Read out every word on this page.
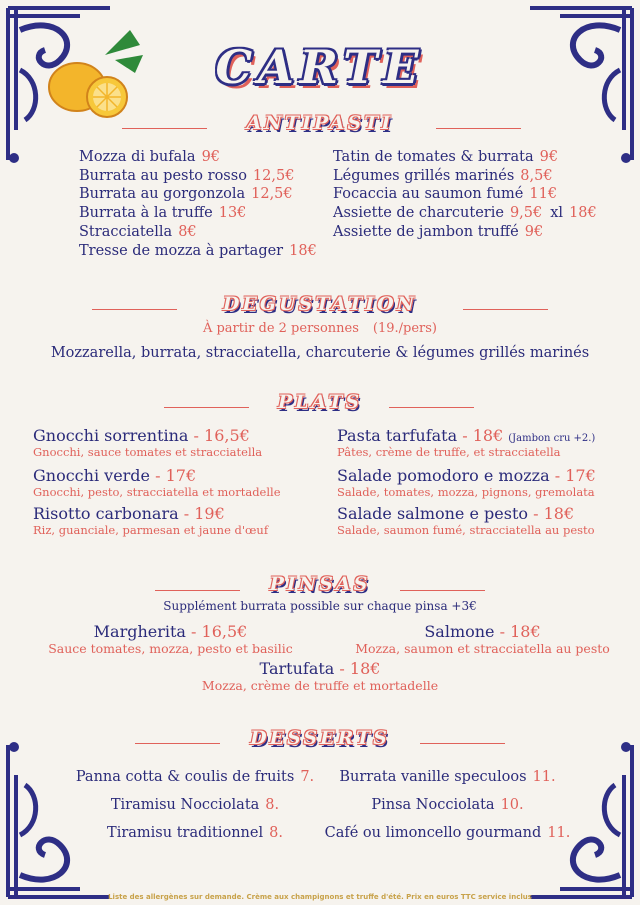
CARTE
ANTIPASTI
Mozza di bufala 9€
Burrata au pesto rosso 12,5€
Burrata au gorgonzola 12,5€
Burrata à la truffe 13€
Stracciatella 8€
Tresse de mozza à partager 18€
Tatin de tomates & burrata 9€
Légumes grillés marinés 8,5€
Focaccia au saumon fumé 11€
Assiette de charcuterie 9,5€ xl 18€
Assiette de jambon truffé 9€
DEGUSTATION
À partir de 2 personnes (19./pers)
Mozzarella, burrata, stracciatella, charcuterie & légumes grillés marinés
PLATS
Gnocchi sorrentina - 16,5€
Gnocchi, sauce tomates et stracciatella
Gnocchi verde - 17€
Gnocchi, pesto, stracciatella et mortadelle
Risotto carbonara - 19€
Riz, guanciale, parmesan et jaune d'œuf
Pasta tarfufata - 18€ (Jambon cru +2.)
Pâtes, crème de truffe, et stracciatella
Salade pomodoro e mozza - 17€
Salade, tomates, mozza, pignons, gremolata
Salade salmone e pesto - 18€
Salade, saumon fumé, stracciatella au pesto
PINSAS
Supplément burrata possible sur chaque pinsa +3€
Margherita - 16,5€
Sauce tomates, mozza, pesto et basilic
Salmone - 18€
Mozza, saumon et stracciatella au pesto
Tartufata - 18€
Mozza, crème de truffe et mortadelle
DESSERTS
Panna cotta & coulis de fruits 7.
Tiramisu Nocciolata 8.
Tiramisu traditionnel 8.
Burrata vanille speculoos 11.
Pinsa Nocciolata 10.
Café ou limoncello gourmand 11.
Liste des allergènes sur demande. Crème aux champignons et truffe d'été. Prix en euros TTC service inclus
